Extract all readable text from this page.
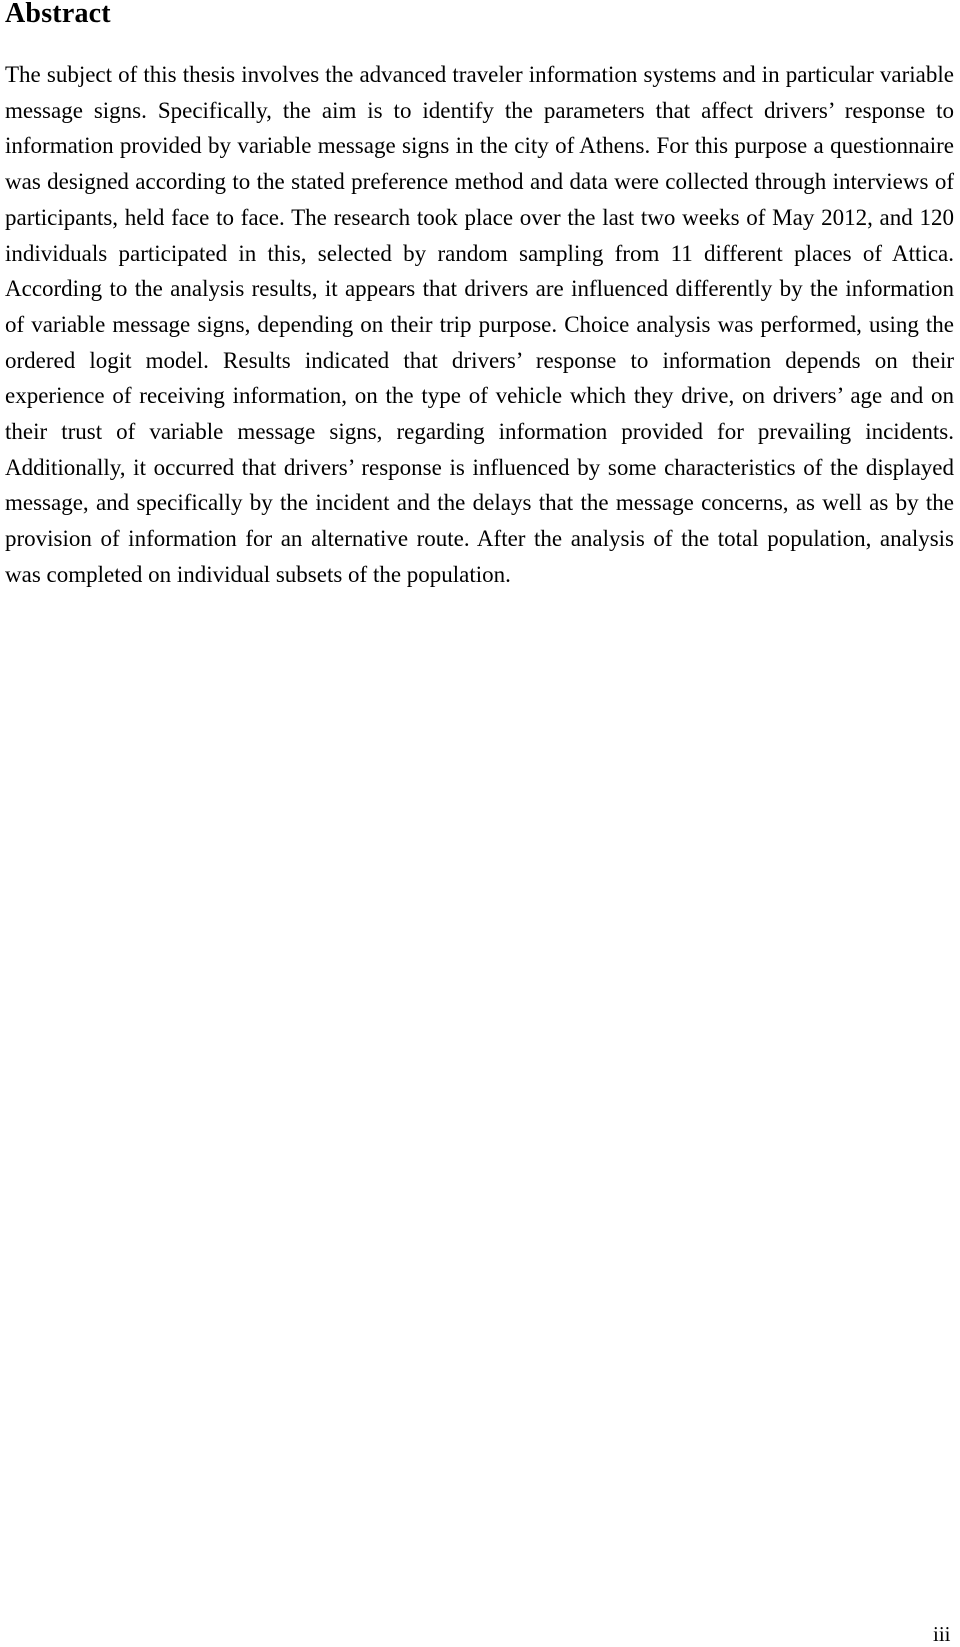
Abstract

The subject of this thesis involves the advanced traveler information systems and in particular variable message signs. Specifically, the aim is to identify the parameters that affect drivers’ response to information provided by variable message signs in the city of Athens. For this purpose a questionnaire was designed according to the stated preference method and data were collected through interviews of participants, held face to face. The research took place over the last two weeks of May 2012, and 120 individuals participated in this, selected by random sampling from 11 different places of Attica. According to the analysis results, it appears that drivers are influenced differently by the information of variable message signs, depending on their trip purpose. Choice analysis was performed, using the ordered logit model. Results indicated that drivers’ response to information depends on their experience of receiving information, on the type of vehicle which they drive, on drivers’ age and on their trust of variable message signs, regarding information provided for prevailing incidents. Additionally, it occurred that drivers’ response is influenced by some characteristics of the displayed message, and specifically by the incident and the delays that the message concerns, as well as by the provision of information for an alternative route. After the analysis of the total population, analysis was completed on individual subsets of the population.

iii
